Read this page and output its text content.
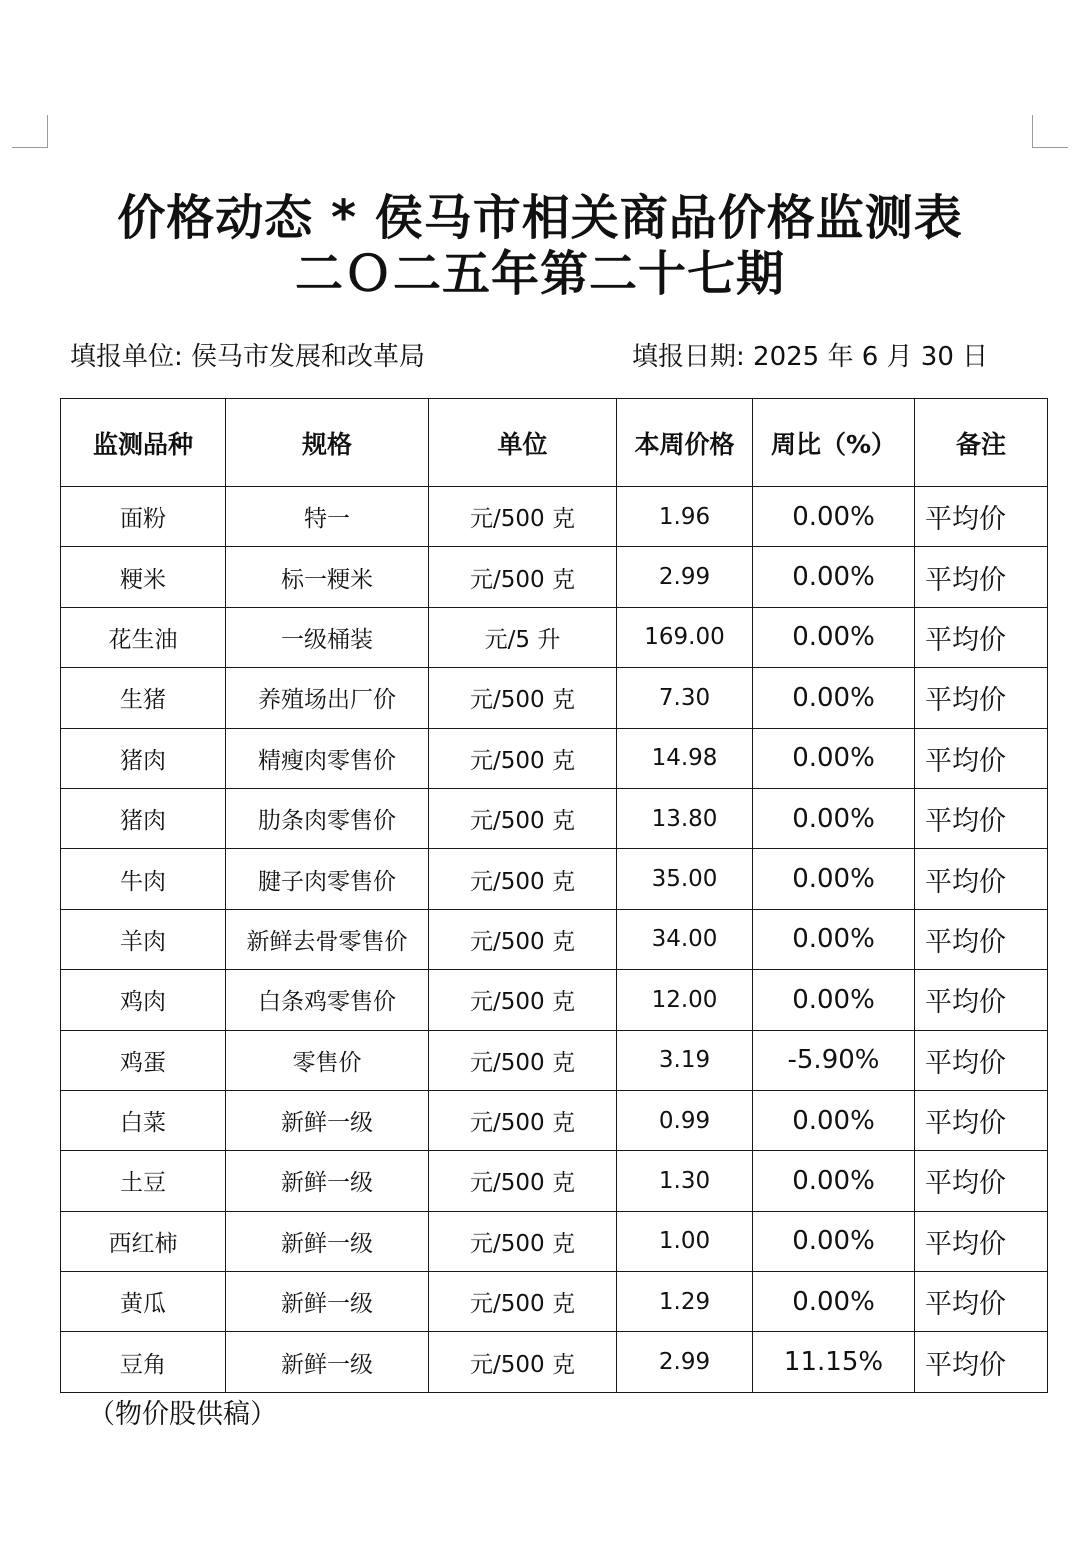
价格动态 * 侯马市相关商品价格监测表
二Ｏ二五年第二十七期
填报单位: 侯马市发展和改革局	填报日期: 2025 年 6 月 30 日
监测品种	规格	单位	本周价格	周比（%）	备注
面粉	特一	元/500 克	1.96	0.00%	平均价
粳米	标一粳米	元/500 克	2.99	0.00%	平均价
花生油	一级桶装	元/5 升	169.00	0.00%	平均价
生猪	养殖场出厂价	元/500 克	7.30	0.00%	平均价
猪肉	精瘦肉零售价	元/500 克	14.98	0.00%	平均价
猪肉	肋条肉零售价	元/500 克	13.80	0.00%	平均价
牛肉	腱子肉零售价	元/500 克	35.00	0.00%	平均价
羊肉	新鲜去骨零售价	元/500 克	34.00	0.00%	平均价
鸡肉	白条鸡零售价	元/500 克	12.00	0.00%	平均价
鸡蛋	零售价	元/500 克	3.19	-5.90%	平均价
白菜	新鲜一级	元/500 克	0.99	0.00%	平均价
土豆	新鲜一级	元/500 克	1.30	0.00%	平均价
西红柿	新鲜一级	元/500 克	1.00	0.00%	平均价
黄瓜	新鲜一级	元/500 克	1.29	0.00%	平均价
豆角	新鲜一级	元/500 克	2.99	11.15%	平均价
（物价股供稿）
